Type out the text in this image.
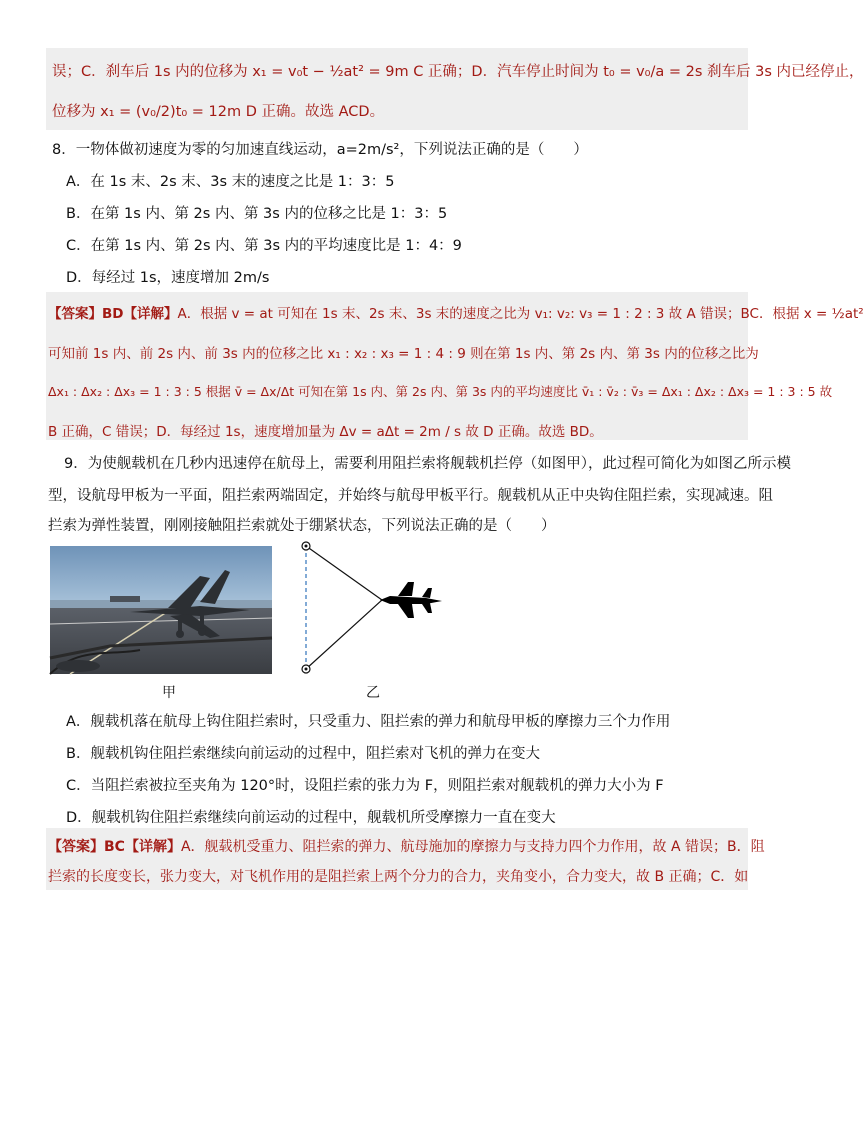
误；C．刹车后 1s 内的位移为 x₁ = v₀t − ½at² = 9m C 正确；D．汽车停止时间为 t₀ = v₀/a = 2s 刹车后 3s 内已经停止，
位移为 x₁ = (v₀/2)t₀ = 12m D 正确。故选 ACD。
8．一物体做初速度为零的匀加速直线运动，a=2m/s²，下列说法正确的是（　　）
A．在 1s 末、2s 末、3s 末的速度之比是 1：3：5
B．在第 1s 内、第 2s 内、第 3s 内的位移之比是 1：3：5
C．在第 1s 内、第 2s 内、第 3s 内的平均速度比是 1：4：9
D．每经过 1s，速度增加 2m/s
【答案】BD【详解】A．根据 v = at 可知在 1s 末、2s 末、3s 末的速度之比为 v₁: v₂: v₃ = 1 : 2 : 3 故 A 错误；BC．根据 x = ½at²
可知前 1s 内、前 2s 内、前 3s 内的位移之比 x₁ : x₂ : x₃ = 1 : 4 : 9 则在第 1s 内、第 2s 内、第 3s 内的位移之比为
Δx₁ : Δx₂ : Δx₃ = 1 : 3 : 5 根据 v̄ = Δx/Δt 可知在第 1s 内、第 2s 内、第 3s 内的平均速度比 v̄₁ : v̄₂ : v̄₃ = Δx₁ : Δx₂ : Δx₃ = 1 : 3 : 5 故
B 正确，C 错误；D．每经过 1s，速度增加量为 Δv = aΔt = 2m / s 故 D 正确。故选 BD。
9．为使舰载机在几秒内迅速停在航母上，需要利用阻拦索将舰载机拦停（如图甲），此过程可简化为如图乙所示模
型，设航母甲板为一平面，阻拦索两端固定，并始终与航母甲板平行。舰载机从正中央钩住阻拦索，实现减速。阻
拦索为弹性装置，刚刚接触阻拦索就处于绷紧状态，下列说法正确的是（　　）
甲	乙
A．舰载机落在航母上钩住阻拦索时，只受重力、阻拦索的弹力和航母甲板的摩擦力三个力作用
B．舰载机钩住阻拦索继续向前运动的过程中，阻拦索对飞机的弹力在变大
C．当阻拦索被拉至夹角为 120°时，设阻拦索的张力为 F，则阻拦索对舰载机的弹力大小为 F
D．舰载机钩住阻拦索继续向前运动的过程中，舰载机所受摩擦力一直在变大
【答案】BC【详解】A．舰载机受重力、阻拦索的弹力、航母施加的摩擦力与支持力四个力作用，故 A 错误；B．阻
拦索的长度变长，张力变大，对飞机作用的是阻拦索上两个分力的合力，夹角变小，合力变大，故 B 正确；C．如
